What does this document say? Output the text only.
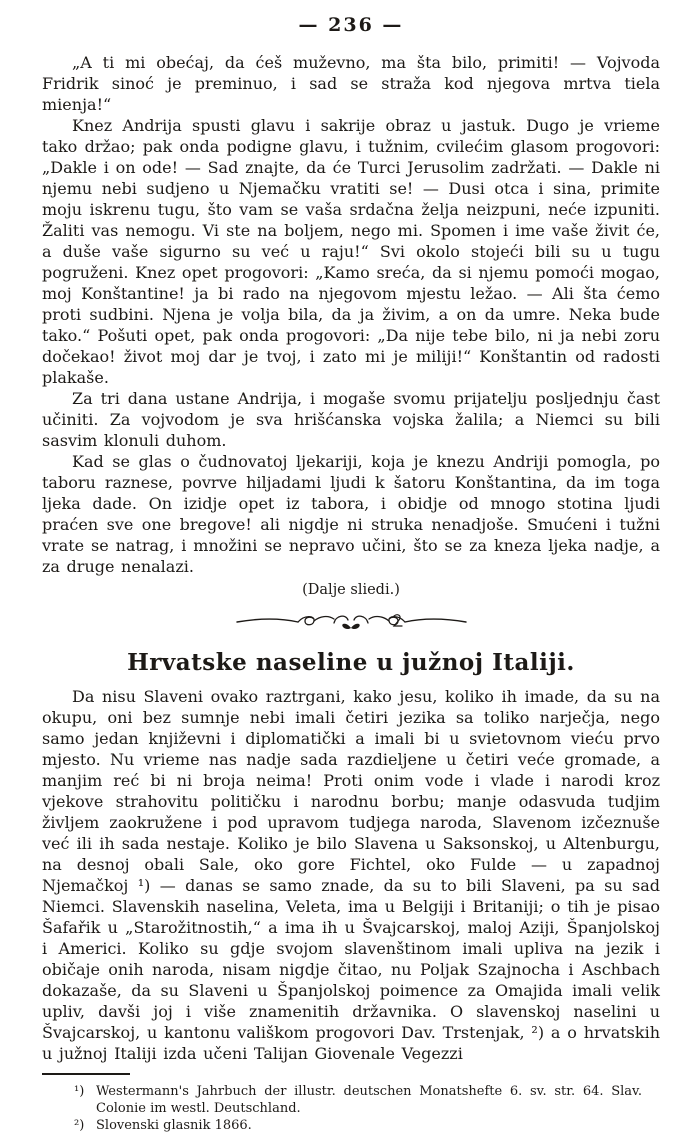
— 236 —

„A ti mi obećaj, da ćeš muževno, ma šta bilo, primiti! — Vojvoda Fridrik sinoć je preminuo, i sad se straža kod njegova mrtva tiela mienja!“

Knez Andrija spusti glavu i sakrije obraz u jastuk. Dugo je vrieme tako držao; pak onda podigne glavu, i tužnim, cvilećim glasom progovori: „Dakle i on ode! — Sad znajte, da će Turci Jerusolim zadržati. — Dakle ni njemu nebi sudjeno u Njemačku vratiti se! — Dusi otca i sina, primite moju iskrenu tugu, što vam se vaša srdačna želja neizpuni, neće izpuniti. Žaliti vas nemogu. Vi ste na boljem, nego mi. Spomen i ime vaše živit će, a duše vaše sigurno su već u raju!“ Svi okolo stojeći bili su u tugu pogruženi. Knez opet progovori: „Kamo sreća, da si njemu pomoći mogao, moj Konštantine! ja bi rado na njegovom mjestu ležao. — Ali šta ćemo proti sudbini. Njena je volja bila, da ja živim, a on da umre. Neka bude tako.“ Pošuti opet, pak onda progovori: „Da nije tebe bilo, ni ja nebi zoru dočekao! život moj dar je tvoj, i zato mi je miliji!“ Konštantin od radosti plakaše.

Za tri dana ustane Andrija, i mogaše svomu prijatelju posljednju čast učiniti. Za vojvodom je sva hrišćanska vojska žalila; a Niemci su bili sasvim klonuli duhom.

Kad se glas o čudnovatoj ljekariji, koja je knezu Andriji pomogla, po taboru raznese, povrve hiljadami ljudi k šatoru Konštantina, da im toga ljeka dade. On izidje opet iz tabora, i obidje od mnogo stotina ljudi praćen sve one bregove! ali nigdje ni struka nenadjoše. Smućeni i tužni vrate se natrag, i množini se nepravo učini, što se za kneza ljeka nadje, a za druge nenalazi.

(Dalje sliedi.)
Hrvatske naseline u južnoj Italiji.

Da nisu Slaveni ovako raztrgani, kako jesu, koliko ih imade, da su na okupu, oni bez sumnje nebi imali četiri jezika sa toliko narječja, nego samo jedan književni i diplomatički a imali bi u svietovnom vieću prvo mjesto. Nu vrieme nas nadje sada razdieljene u četiri veće gromade, a manjim reć bi ni broja neima! Proti onim vode i vlade i narodi kroz vjekove strahovitu političku i narodnu borbu; manje odasvuda tudjim življem zaokružene i pod upravom tudjega naroda, Slavenom izčeznuše već ili ih sada nestaje. Koliko je bilo Slavena u Saksonskoj, u Altenburgu, na desnoj obali Sale, oko gore Fichtel, oko Fulde — u zapadnoj Njemačkoj ¹) — danas se samo znade, da su to bili Slaveni, pa su sad Niemci. Slavenskih naselina, Veleta, ima u Belgiji i Britaniji; o tih je pisao Šafařik u „Starožitnostih,“ a ima ih u Švajcarskoj, maloj Aziji, Španjolskoj i Americi. Koliko su gdje svojom slavenštinom imali upliva na jezik i običaje onih naroda, nisam nigdje čitao, nu Poljak Szajnocha i Aschbach dokazaše, da su Slaveni u Španjolskoj poimence za Omajida imali velik upliv, davši joj i više znamenitih državnika. O slavenskoj naselini u Švajcarskoj, u kantonu vališkom progovori Dav. Trstenjak, ²) a o hrvatskih u južnoj Italiji izda učeni Talijan Giovenale Vegezzi

¹) Westermann's Jahrbuch der illustr. deutschen Monatshefte 6. sv. str. 64. Slav. Colonie im westl. Deutschland.
²) Slovenski glasnik 1866.
